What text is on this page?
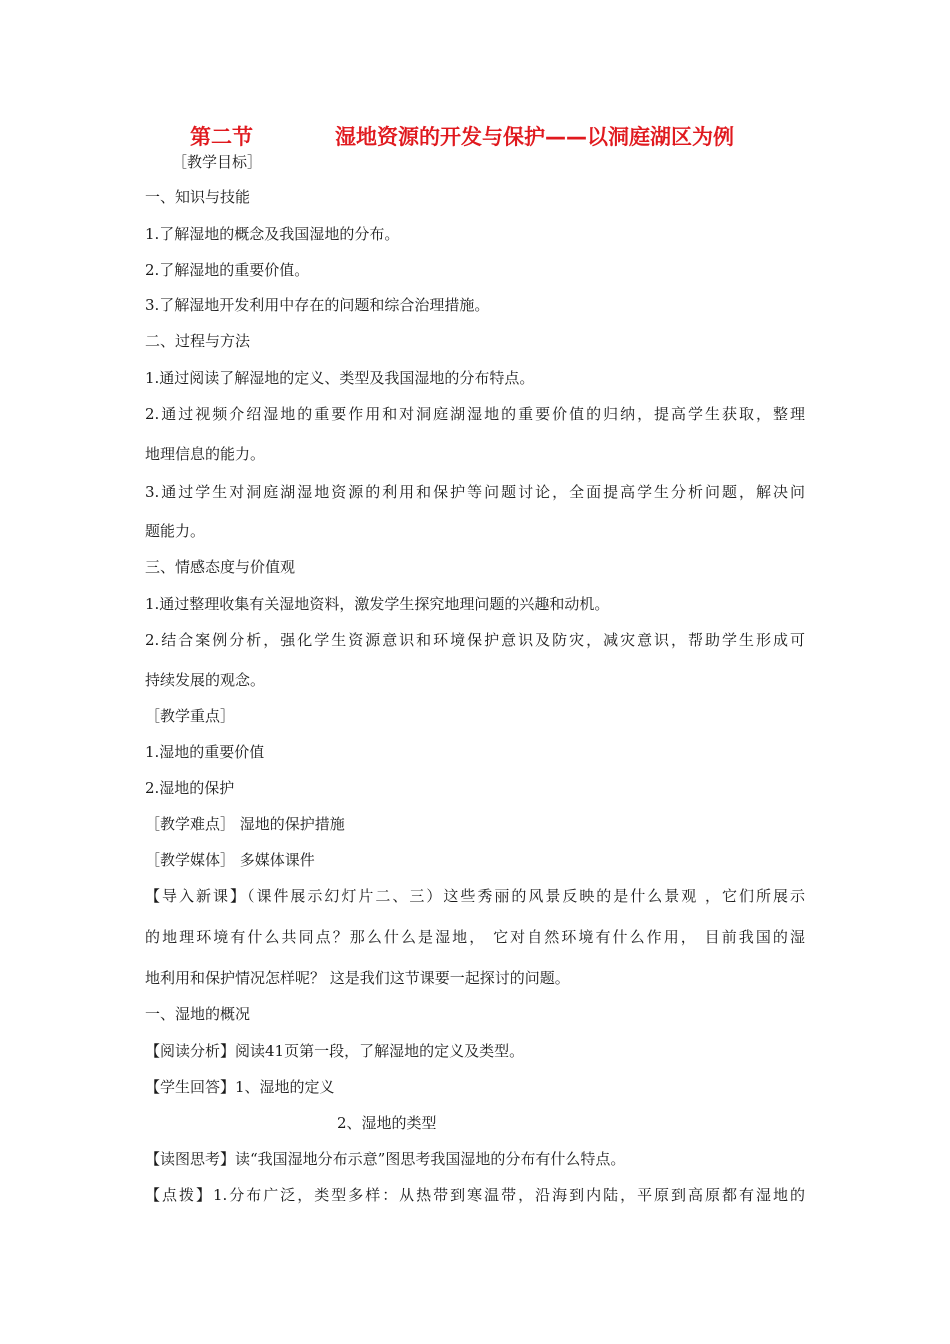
第二节	湿地资源的开发与保护——以洞庭湖区为例
［教学目标］
一、知识与技能
1.了解湿地的概念及我国湿地的分布。
2.了解湿地的重要价值。
3.了解湿地开发利用中存在的问题和综合治理措施。
二、过程与方法
1.通过阅读了解湿地的定义、类型及我国湿地的分布特点。
2.通过视频介绍湿地的重要作用和对洞庭湖湿地的重要价值的归纳，提高学生获取，整理
地理信息的能力。
3.通过学生对洞庭湖湿地资源的利用和保护等问题讨论，全面提高学生分析问题，解决问
题能力。
三、情感态度与价值观
1.通过整理收集有关湿地资料，激发学生探究地理问题的兴趣和动机。
2.结合案例分析，强化学生资源意识和环境保护意识及防灾，减灾意识，帮助学生形成可
持续发展的观念。
［教学重点］
1.湿地的重要价值
2.湿地的保护
［教学难点］ 湿地的保护措施
［教学媒体］ 多媒体课件
【导入新课】（课件展示幻灯片二、三）这些秀丽的风景反映的是什么景观 ，它们所展示
的地理环境有什么共同点？那么什么是湿地， 它对自然环境有什么作用， 目前我国的湿
地利用和保护情况怎样呢？ 这是我们这节课要一起探讨的问题。
一、湿地的概况
【阅读分析】阅读41页第一段，了解湿地的定义及类型。
【学生回答】1、湿地的定义
2、湿地的类型
【读图思考】读“我国湿地分布示意”图思考我国湿地的分布有什么特点。
【点拨】1.分布广泛，类型多样：从热带到寒温带，沿海到内陆，平原到高原都有湿地的
